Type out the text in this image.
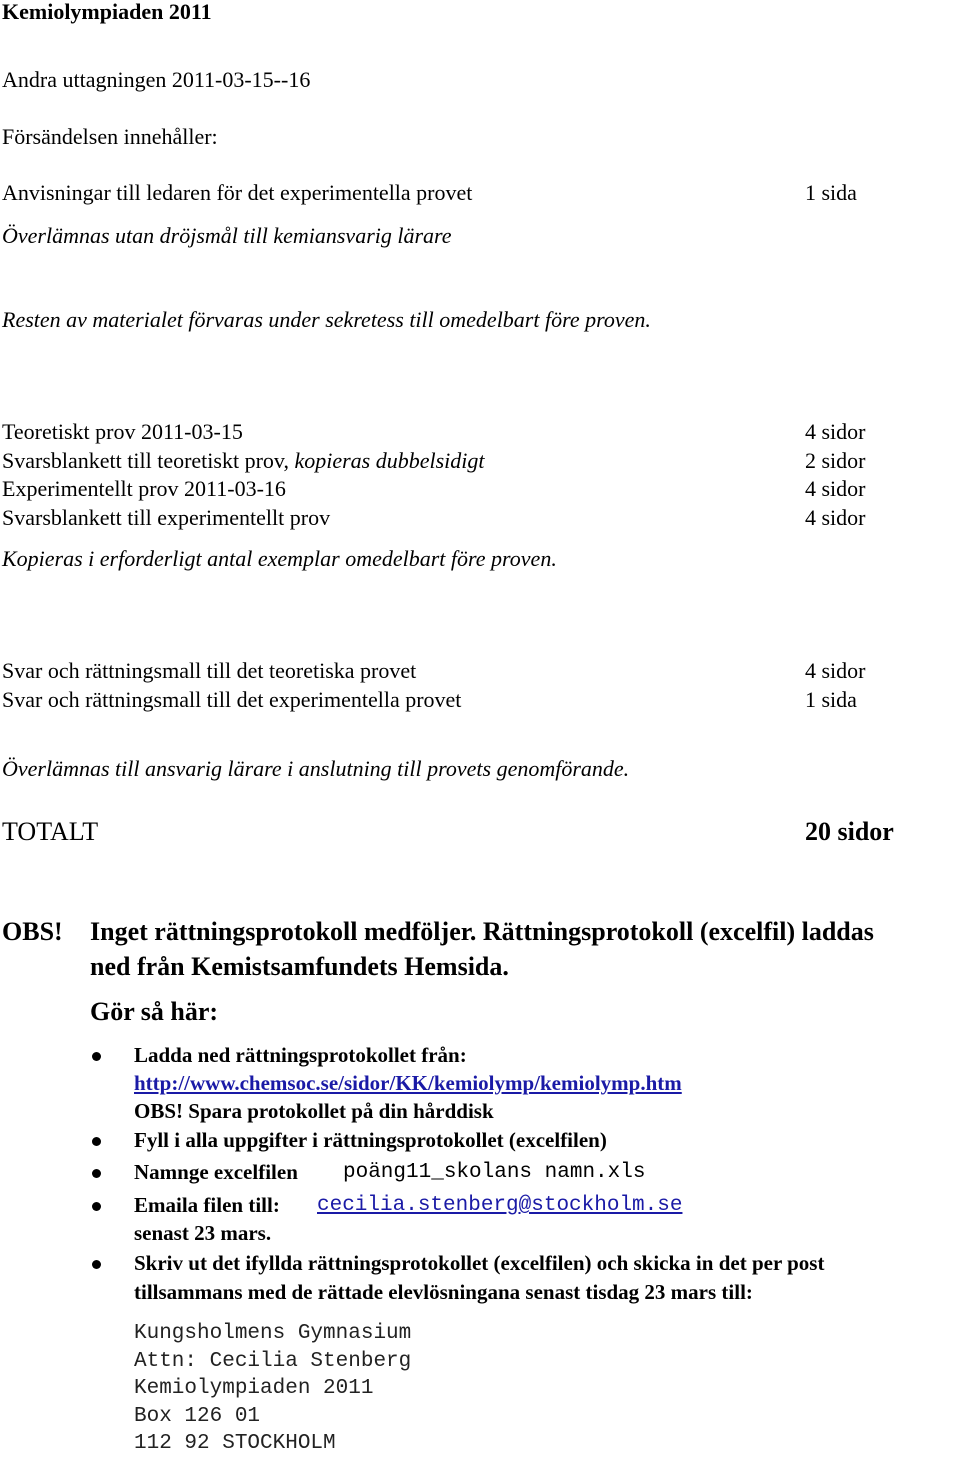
Kemiolympiaden 2011
Andra uttagningen 2011-03-15--16
Försändelsen innehåller:
Anvisningar till ledaren för det experimentella provet	1 sida
Överlämnas utan dröjsmål till kemiansvarig lärare
Resten av materialet förvaras under sekretess till omedelbart före proven.
Teoretiskt prov 2011-03-15	4 sidor
Svarsblankett till teoretiskt prov, kopieras dubbelsidigt	2 sidor
Experimentellt prov 2011-03-16	4 sidor
Svarsblankett till experimentellt prov	4 sidor
Kopieras i erforderligt antal exemplar omedelbart före proven.
Svar och rättningsmall till det teoretiska provet	4 sidor
Svar och rättningsmall till det experimentella provet	1 sida
Överlämnas till ansvarig lärare i anslutning till provets genomförande.
TOTALT	20 sidor
OBS! Inget rättningsprotokoll medföljer. Rättningsprotokoll (excelfil) laddas
ned från Kemistsamfundets Hemsida.
Gör så här:
Ladda ned rättningsprotokollet från:
http://www.chemsoc.se/sidor/KK/kemiolymp/kemiolymp.htm
OBS! Spara protokollet på din hårddisk
Fyll i alla uppgifter i rättningsprotokollet (excelfilen)
Namnge excelfilen poäng11_skolans namn.xls
Emaila filen till: cecilia.stenberg@stockholm.se
senast 23 mars.
Skriv ut det ifyllda rättningsprotokollet (excelfilen) och skicka in det per post
tillsammans med de rättade elevlösningana senast tisdag 23 mars till:
Kungsholmens Gymnasium
Attn: Cecilia Stenberg
Kemiolympiaden 2011
Box 126 01
112 92 STOCKHOLM
